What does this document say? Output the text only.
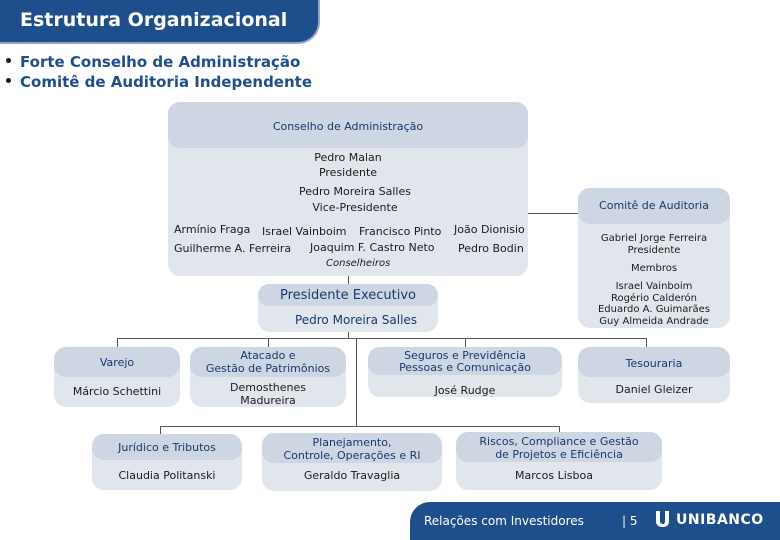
Estrutura Organizacional
Forte Conselho de Administração
Comitê de Auditoria Independente
Conselho de Administração
Pedro Malan
Presidente
Pedro Moreira Salles
Vice-Presidente
Armínio Fraga Israel Vainboim Francisco Pinto João Dionisio
Guilherme A. Ferreira Joaquim F. Castro Neto Pedro Bodin
Conselheiros
Comitê de Auditoria
Gabriel Jorge Ferreira
Presidente
Membros
Israel Vainboim
Rogério Calderón
Eduardo A. Guimarães
Guy Almeida Andrade
Presidente Executivo
Pedro Moreira Salles
Varejo
Márcio Schettini
Atacado e
Gestão de Patrimônios
Demosthenes
Madureira
Seguros e Previdência
Pessoas e Comunicação
José Rudge
Tesouraria
Daniel Gleizer
Jurídico e Tributos
Claudia Politanski
Planejamento,
Controle, Operações e RI
Geraldo Travaglia
Riscos, Compliance e Gestão
de Projetos e Eficiência
Marcos Lisboa
Relações com Investidores	| 5	UNIBANCO
